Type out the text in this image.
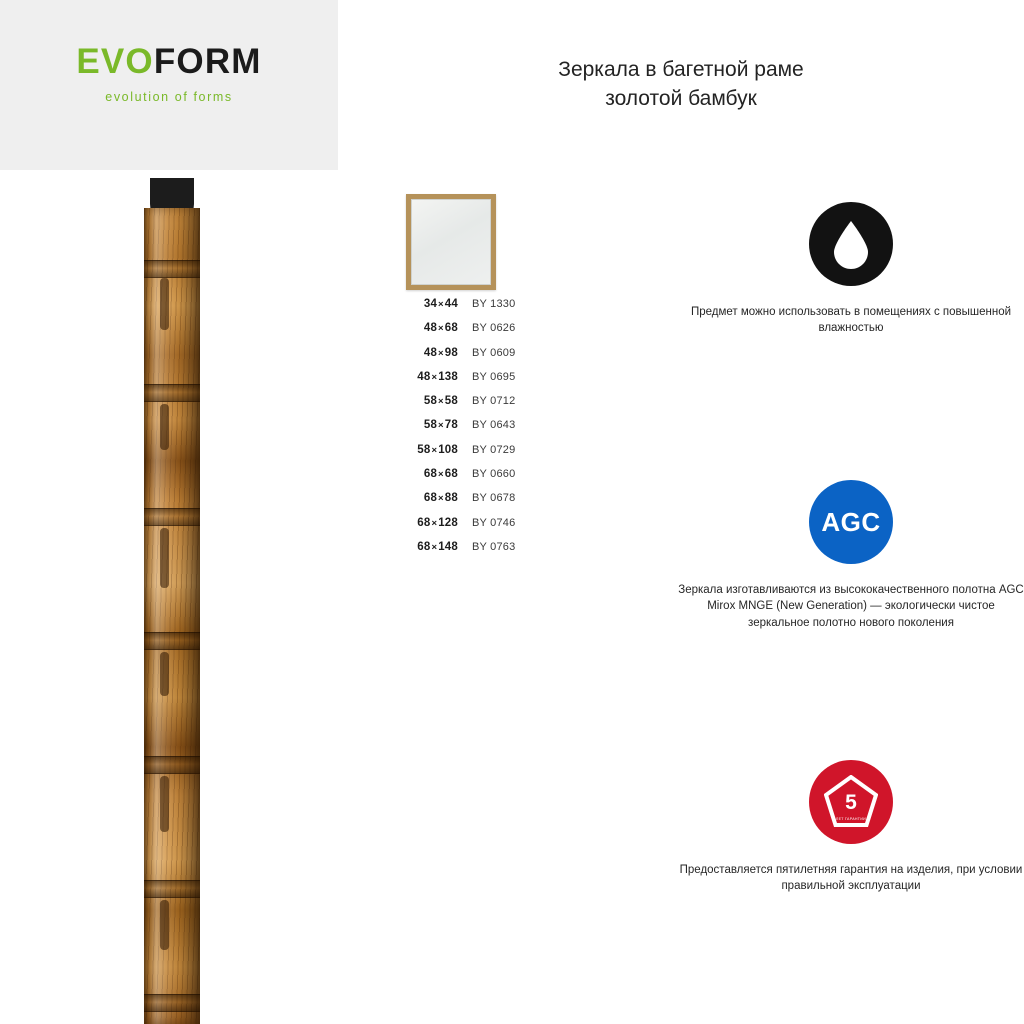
EVOFORM
evolution of forms
Зеркала в багетной раме
золотой бамбук
34×44	BY 1330
48×68	BY 0626
48×98	BY 0609
48×138	BY 0695
58×58	BY 0712
58×78	BY 0643
58×108	BY 0729
68×68	BY 0660
68×88	BY 0678
68×128	BY 0746
68×148	BY 0763
Предмет можно использовать в помещениях с повышенной влажностью
AGC
Зеркала изготавливаются из высококачественного полотна AGC Mirox MNGE (New Generation) — экологически чистое зеркальное полотно нового поколения
5
ЛЕТ ГАРАНТИИ
Предоставляется пятилетняя гарантия на изделия, при условии правильной эксплуатации
